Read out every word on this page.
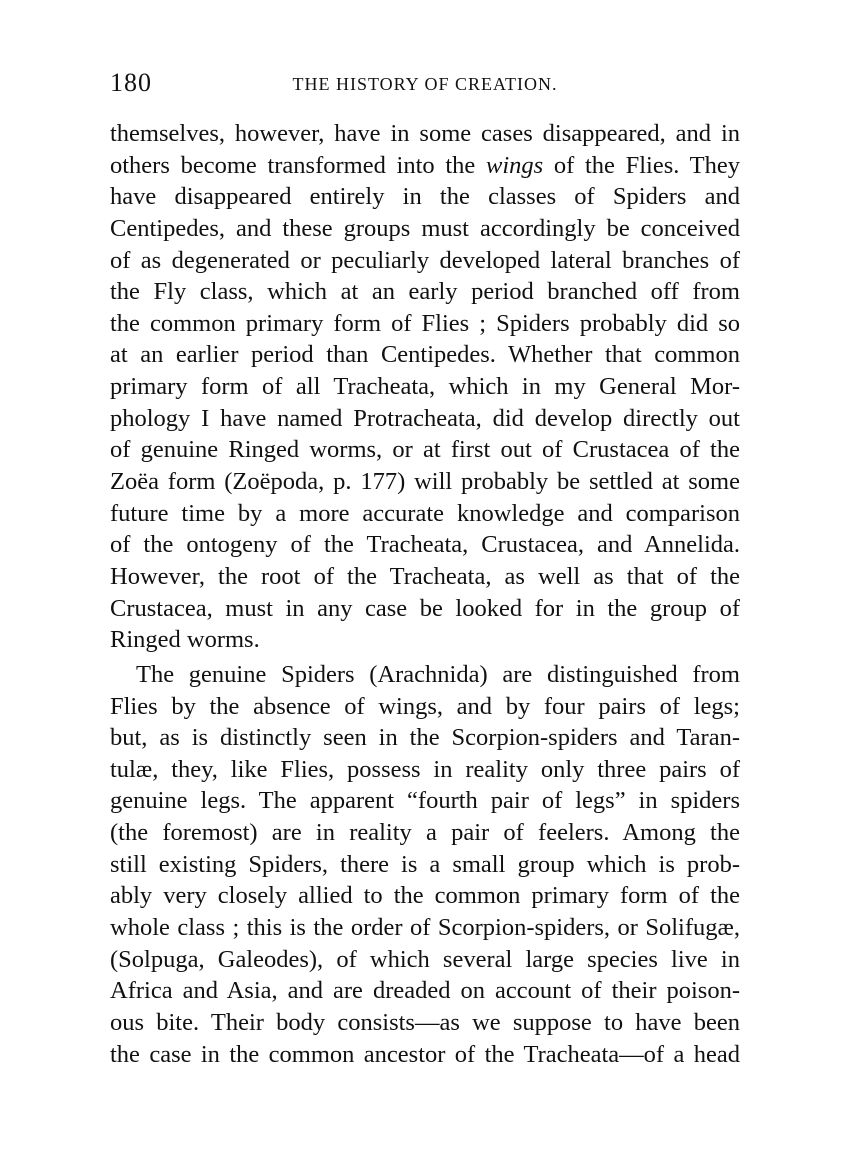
180	THE HISTORY OF CREATION.
themselves, however, have in some cases disappeared, and in
others become transformed into the wings of the Flies. They
have disappeared entirely in the classes of Spiders and
Centipedes, and these groups must accordingly be conceived
of as degenerated or peculiarly developed lateral branches of
the Fly class, which at an early period branched off from
the common primary form of Flies ; Spiders probably did so
at an earlier period than Centipedes. Whether that common
primary form of all Tracheata, which in my General Mor-
phology I have named Protracheata, did develop directly out
of genuine Ringed worms, or at first out of Crustacea of the
Zoëa form (Zoëpoda, p. 177) will probably be settled at some
future time by a more accurate knowledge and comparison
of the ontogeny of the Tracheata, Crustacea, and Annelida.
However, the root of the Tracheata, as well as that of the
Crustacea, must in any case be looked for in the group of
Ringed worms.
The genuine Spiders (Arachnida) are distinguished from
Flies by the absence of wings, and by four pairs of legs;
but, as is distinctly seen in the Scorpion-spiders and Taran-
tulæ, they, like Flies, possess in reality only three pairs of
genuine legs. The apparent “fourth pair of legs” in spiders
(the foremost) are in reality a pair of feelers. Among the
still existing Spiders, there is a small group which is prob-
ably very closely allied to the common primary form of the
whole class ; this is the order of Scorpion-spiders, or Solifugæ,
(Solpuga, Galeodes), of which several large species live in
Africa and Asia, and are dreaded on account of their poison-
ous bite. Their body consists—as we suppose to have been
the case in the common ancestor of the Tracheata—of a head
